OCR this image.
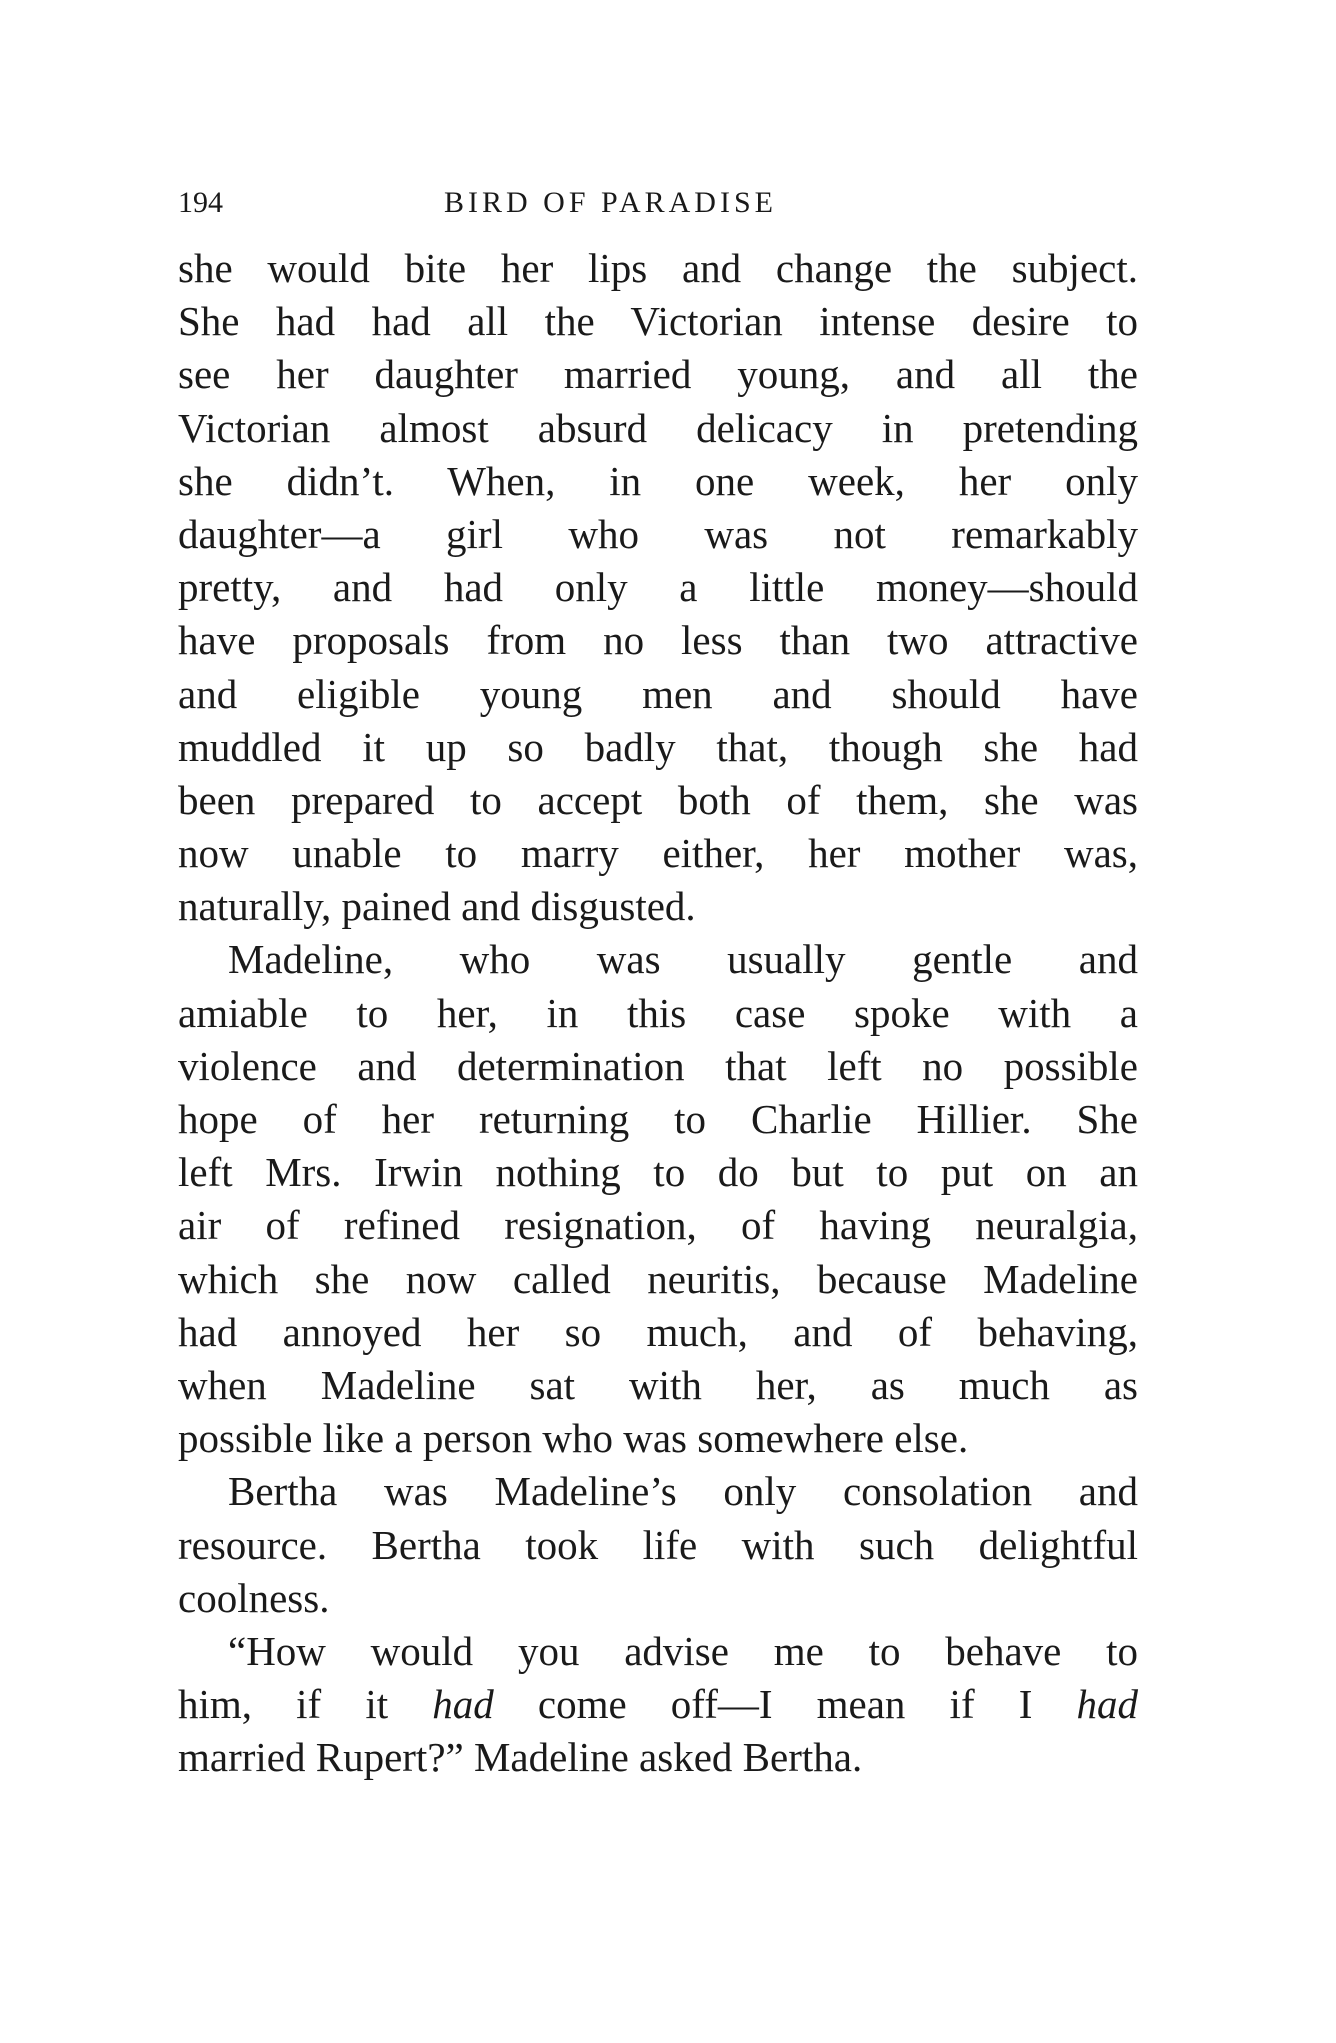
194	BIRD OF PARADISE
she would bite her lips and change the subject.
She had had all the Victorian intense desire to
see her daughter married young, and all the
Victorian almost absurd delicacy in pretending
she didn’t. When, in one week, her only
daughter—a girl who was not remarkably
pretty, and had only a little money—should
have proposals from no less than two attractive
and eligible young men and should have
muddled it up so badly that, though she had
been prepared to accept both of them, she was
now unable to marry either, her mother was,
naturally, pained and disgusted.
Madeline, who was usually gentle and
amiable to her, in this case spoke with a
violence and determination that left no possible
hope of her returning to Charlie Hillier. She
left Mrs. Irwin nothing to do but to put on an
air of refined resignation, of having neuralgia,
which she now called neuritis, because Madeline
had annoyed her so much, and of behaving,
when Madeline sat with her, as much as
possible like a person who was somewhere else.
Bertha was Madeline’s only consolation and
resource. Bertha took life with such delightful
coolness.
“How would you advise me to behave to
him, if it had come off—I mean if I had
married Rupert?” Madeline asked Bertha.
